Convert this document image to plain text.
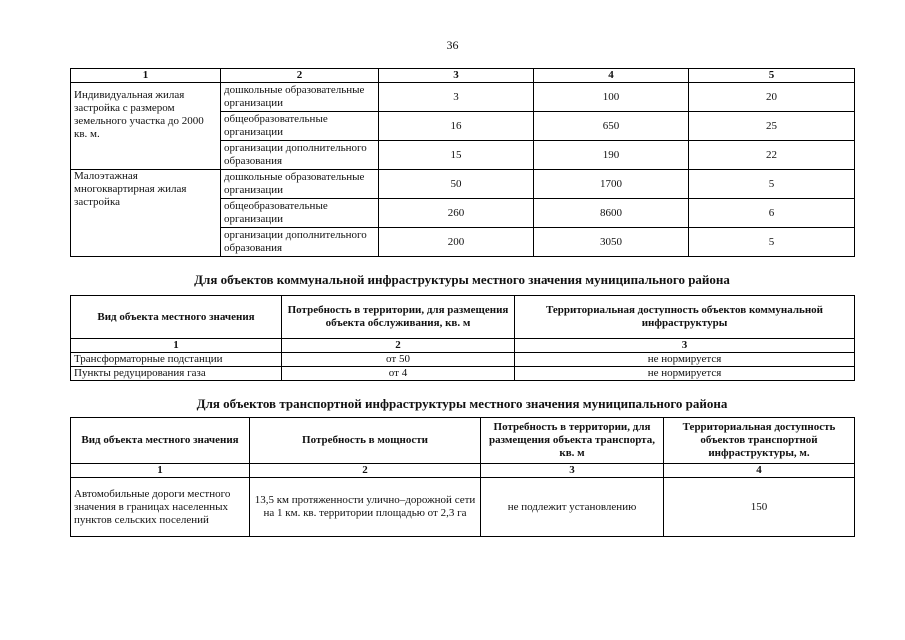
36
1	2	3	4	5

Индивидуальная жилая застройка с размером земельного участка до 2000 кв. м.	дошкольные образовательные организации	3	100	20
	общеобразовательные организации	16	650	25
	организации дополнительного образования	15	190	22

Малоэтажная многоквартирная жилая застройка	дошкольные образовательные организации	50	1700	5
	общеобразовательные организации	260	8600	6
	организации дополнительного образования	200	3050	5
Для объектов коммунальной инфраструктуры местного значения муниципального района
Вид объекта местного значения	Потребность в территории, для размещения объекта обслуживания, кв. м	Территориальная доступность объектов коммунальной инфраструктуры
1	2	3
Трансформаторные подстанции	от 50	не нормируется
Пункты редуцирования газа	от 4	не нормируется
Для объектов транспортной инфраструктуры местного значения муниципального района
Вид объекта местного значения	Потребность в мощности	Потребность в территории, для размещения объекта транспорта, кв. м	Территориальная доступность объектов транспортной инфраструктуры, м.
1	2	3	4
Автомобильные дороги местного значения в границах населенных пунктов сельских поселений	13,5 км протяженности улично–дорожной сети на 1 км. кв. территории площадью от 2,3 га	не подлежит установлению	150
